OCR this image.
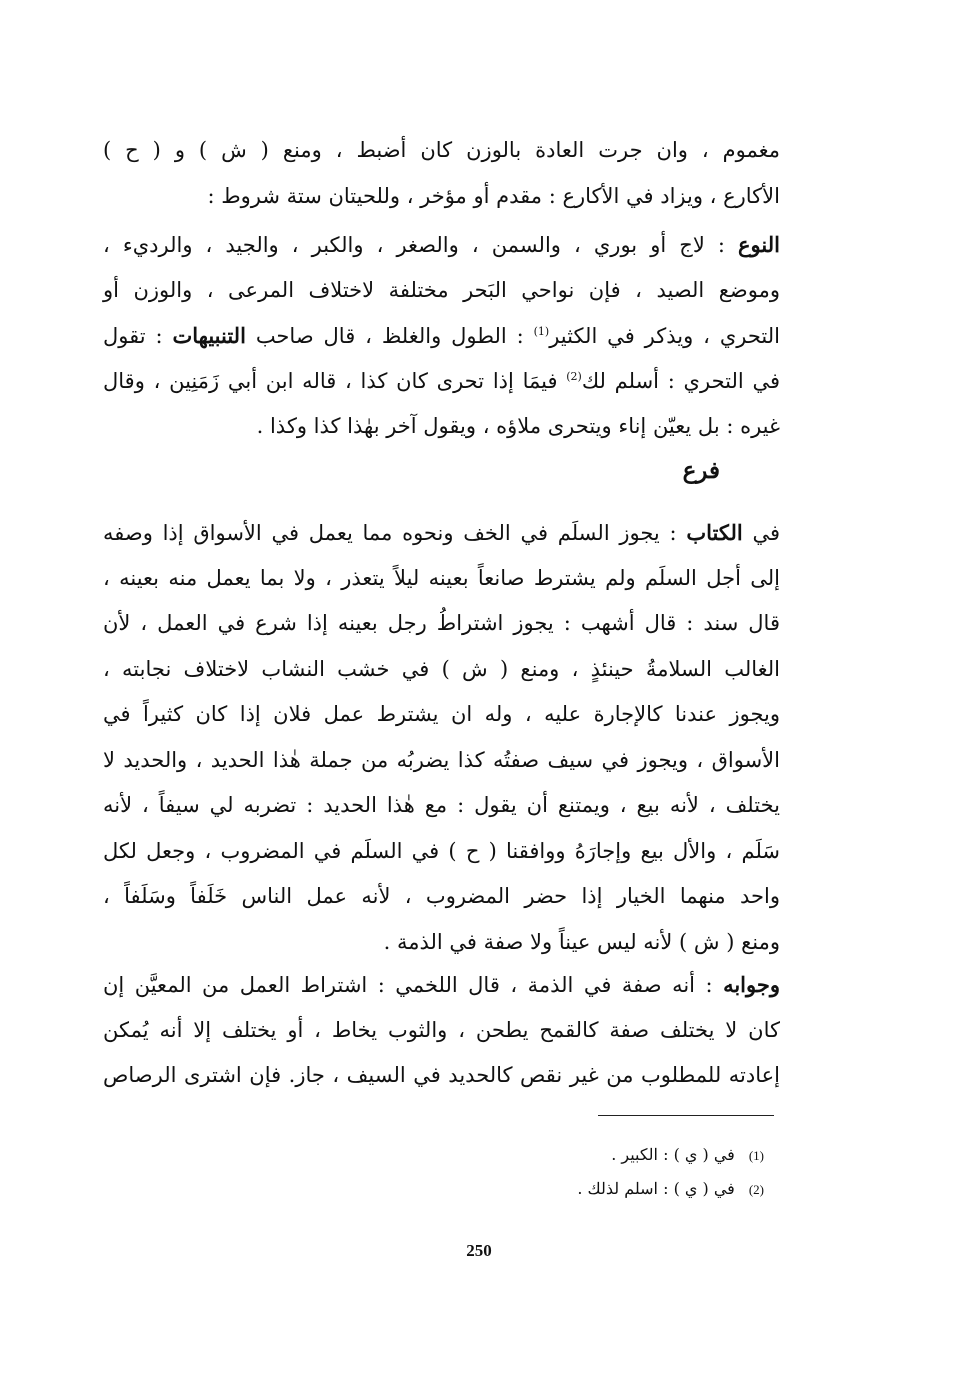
مغموم ، وان جرت العادة بالوزن كان أضبط ، ومنع ( ش ) و ( ح )
الأكارع ، ويزاد في الأكارع : مقدم أو مؤخر ، وللحيتان ستة شروط :
النوع : لاج أو بوري ، والسمن ، والصغر ، والكبر ، والجيد ، والرديء ،
وموضع الصيد ، فإن نواحي البَحر مختلفة لاختلاف المرعى ، والوزن أو
التحري ، ويذكر في الكثير$^{(1)}$ : الطول والغلظ ، قال صاحب التنبيهات : تقول
في التحري : أسلم لك$^{(2)}$ فيمَا إذا تحرى كان كذا ، قاله ابن أبي زَمَنِين ، وقال
غيره : بل يعيّن إناء ويتحرى ملاؤه ، ويقول آخر بهٰذا كذا وكذا .
فرع
في الكتاب : يجوز السلَم في الخف ونحوه مما يعمل في الأسواق إذا وصفه
إلى أجل السلَم ولم يشترط صانعاً بعينه ليلاً يتعذر ، ولا بما يعمل منه بعينه ،
قال سند : قال أشهب : يجوز اشتراطُ رجل بعينه إذا شرع في العمل ، لأن
الغالب السلامةُ حينئذٍ ، ومنع ( ش ) في خشب النشاب لاختلاف نجابته ،
ويجوز عندنا كالإجارة عليه ، وله ان يشترط عمل فلان إذا كان كثيراً في
الأسواق ، ويجوز في سيف صفتُه كذا يضربُه من جملة هٰذا الحديد ، والحديد لا
يختلف ، لأنه بيع ، ويمتنع أن يقول : مع هٰذا الحديد : تضربه لي سيفاً ، لأنه
سَلَم ، والأل بيع وإجارَهُ ووافقنا ( ح ) في السلَم في المضروب ، وجعل لكل
واحد منهما الخيار إذا حضر المضروب ، لأنه عمل الناس خَلَفاً وسَلَفاً ،
ومنع ( ش ) لأنه ليس عيناً ولا صفة في الذمة .
وجوابه : أنه صفة في الذمة ، قال اللخمي : اشتراط العمل من المعيَّن إن
كان لا يختلف صفة كالقمح يطحن ، والثوب يخاط ، أو يختلف إلا أنه يُمكن
إعادته للمطلوب من غير نقص كالحديد في السيف ، جاز. فإن اشترى الرصاص
(1)في ( ي ) : الكبير .
(2)في ( ي ) : اسلم لذلك .
250
